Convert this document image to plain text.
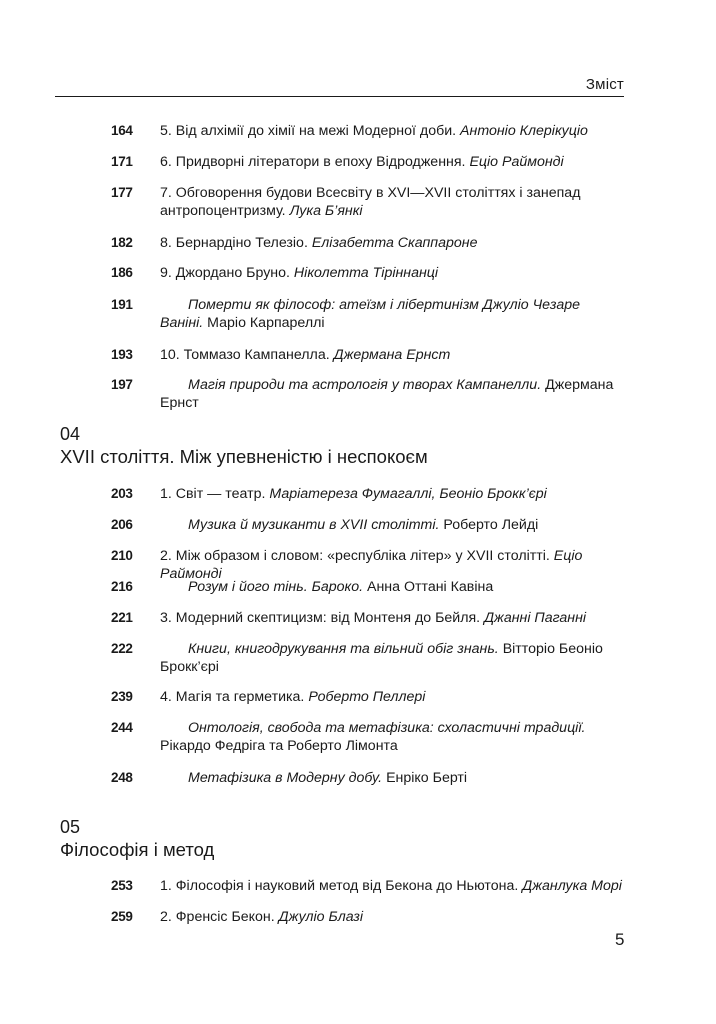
Зміст
164	5. Від алхімії до хімії на межі Модерної доби. Антоніо Клерікуціо
171	6. Придворні літератори в епоху Відродження. Еціо Раймонді
177	7. Обговорення будови Всесвіту в XVI—XVII століттях і занепад антропоцентризму. Лука Б’янкі
182	8. Бернардіно Телезіо. Елізабетта Скаппароне
186	9. Джордано Бруно. Ніколетта Тіріннанці
191	Померти як філософ: атеїзм і лібертинізм Джуліо Чезаре Ваніні. Маріо Карпареллі
193	10. Томмазо Кампанелла. Джермана Ернст
197	Магія природи та астрологія у творах Кампанелли. Джермана Ернст
04
XVII століття. Між упевненістю і неспокоєм
203	1. Світ — театр. Маріатереза Фумагаллі, Беоніо Брокк’єрі
206	Музика й музиканти в XVII столітті. Роберто Лейді
210	2. Між образом і словом: «республіка літер» у XVII столітті. Еціо Раймонді
216	Розум і його тінь. Бароко. Анна Оттані Кавіна
221	3. Модерний скептицизм: від Монтеня до Бейля. Джанні Паганні
222	Книги, книгодрукування та вільний обіг знань. Вітторіо Беоніо Брокк’єрі
239	4. Магія та герметика. Роберто Пеллері
244	Онтологія, свобода та метафізика: схоластичні традиції. Рікардо Федріга та Роберто Лімонта
248	Метафізика в Модерну добу. Енріко Берті
05
Філософія і метод
253	1. Філософія і науковий метод від Бекона до Ньютона. Джанлука Морі
259	2. Френсіс Бекон. Джуліо Блазі
5
